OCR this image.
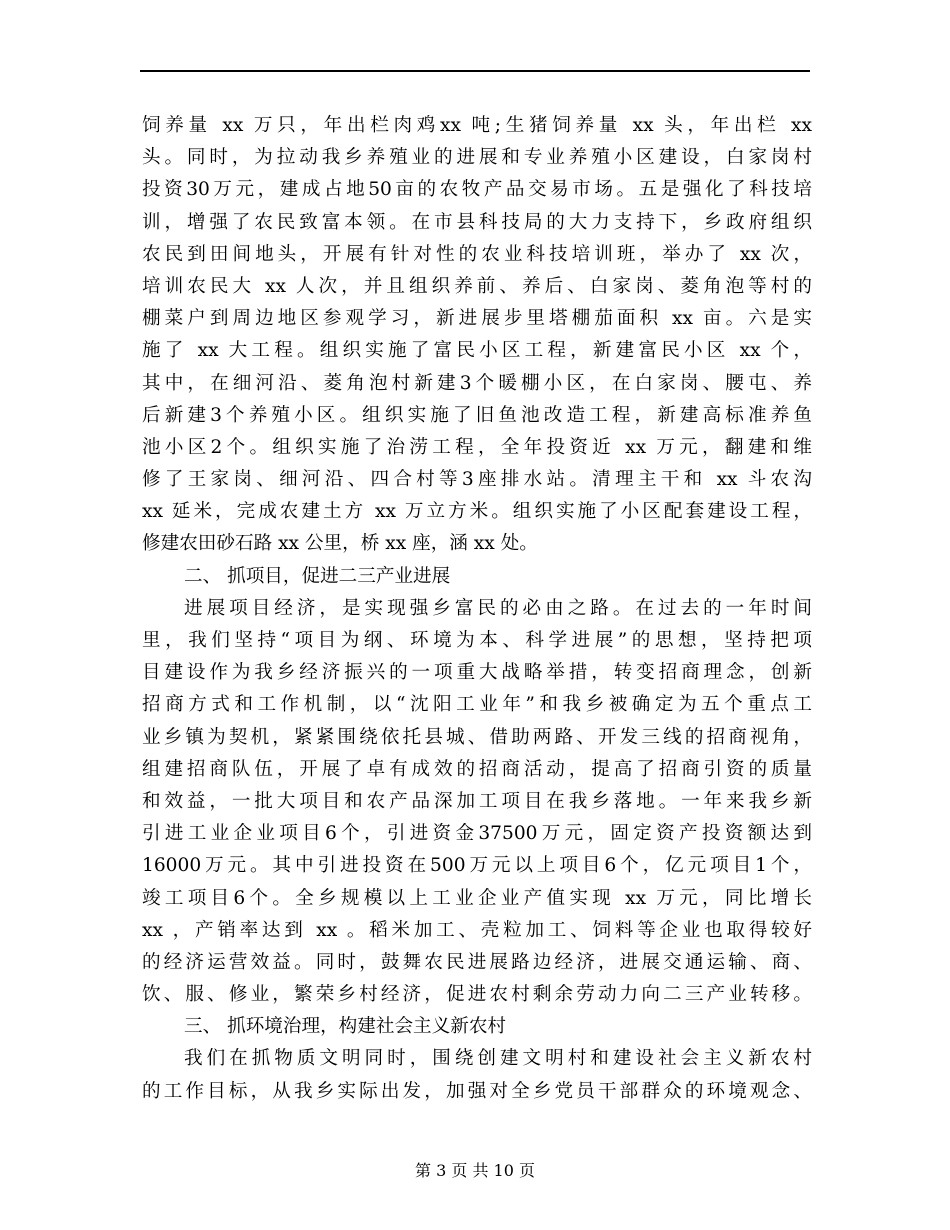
饲养量 xx 万只，年出栏肉鸡xx 吨;生猪饲养量 xx 头，年出栏 xx
头。同时，为拉动我乡养殖业的进展和专业养殖小区建设，白家岗村
投资30万元，建成占地50亩的农牧产品交易市场。五是强化了科技培
训，增强了农民致富本领。在市县科技局的大力支持下，乡政府组织
农民到田间地头，开展有针对性的农业科技培训班，举办了 xx 次，
培训农民大 xx 人次，并且组织养前、养后、白家岗、菱角泡等村的
棚菜户到周边地区参观学习，新进展步里塔棚茄面积 xx 亩。六是实
施了 xx 大工程。组织实施了富民小区工程，新建富民小区 xx 个，
其中，在细河沿、菱角泡村新建3个暖棚小区，在白家岗、腰屯、养
后新建3个养殖小区。组织实施了旧鱼池改造工程，新建高标准养鱼
池小区2个。组织实施了治涝工程，全年投资近 xx 万元，翻建和维
修了王家岗、细河沿、四合村等3座排水站。清理主干和 xx 斗农沟
xx 延米，完成农建土方 xx 万立方米。组织实施了小区配套建设工程，
修建农田砂石路 xx 公里，桥 xx 座，涵 xx 处。
二、 抓项目，促进二三产业进展
进展项目经济，是实现强乡富民的必由之路。在过去的一年时间
里，我们坚持“项目为纲、环境为本、科学进展”的思想，坚持把项
目建设作为我乡经济振兴的一项重大战略举措，转变招商理念，创新
招商方式和工作机制，以“沈阳工业年”和我乡被确定为五个重点工
业乡镇为契机，紧紧围绕依托县城、借助两路、开发三线的招商视角，
组建招商队伍，开展了卓有成效的招商活动，提高了招商引资的质量
和效益，一批大项目和农产品深加工项目在我乡落地。一年来我乡新
引进工业企业项目6个，引进资金37500万元，固定资产投资额达到
16000万元。其中引进投资在500万元以上项目6个，亿元项目1个，
竣工项目6个。全乡规模以上工业企业产值实现 xx 万元，同比增长
xx ，产销率达到 xx 。稻米加工、壳粒加工、饲料等企业也取得较好
的经济运营效益。同时，鼓舞农民进展路边经济，进展交通运输、商、
饮、服、修业，繁荣乡村经济，促进农村剩余劳动力向二三产业转移。
三、 抓环境治理，构建社会主义新农村
我们在抓物质文明同时，围绕创建文明村和建设社会主义新农村
的工作目标，从我乡实际出发，加强对全乡党员干部群众的环境观念、
第 3 页 共 10 页
